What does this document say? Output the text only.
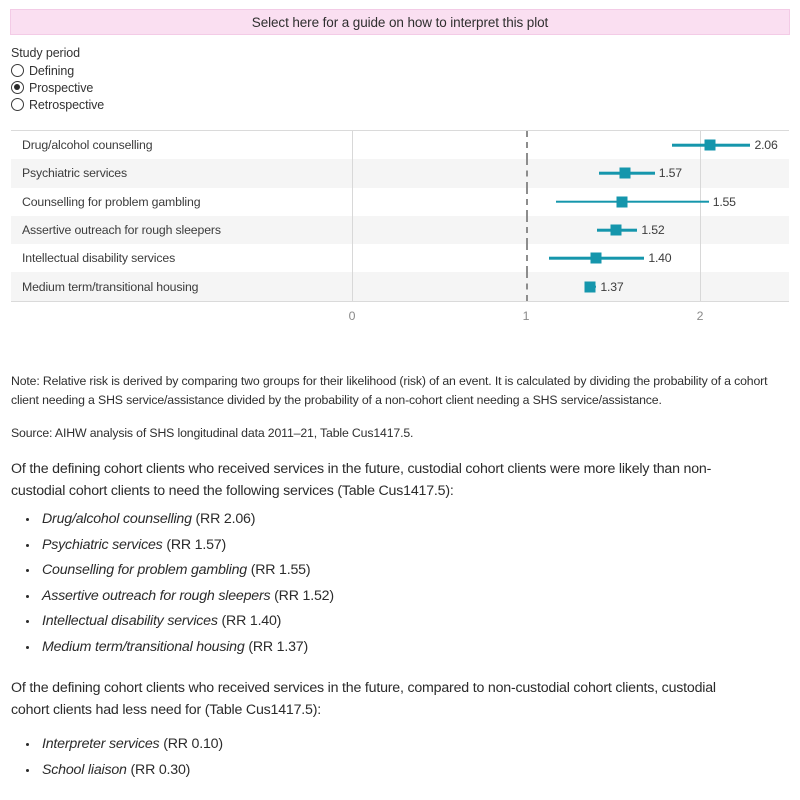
Select here for a guide on how to interpret this plot
Study period
Defining
Prospective
Retrospective
Drug/alcohol counselling	2.06
Psychiatric services	1.57
Counselling for problem gambling	1.55
Assertive outreach for rough sleepers	1.52
Intellectual disability services	1.40
Medium term/transitional housing	1.37
0	1	2
Note: Relative risk is derived by comparing two groups for their likelihood (risk) of an event. It is calculated by dividing the probability of a cohort client needing a SHS service/assistance divided by the probability of a non-cohort client needing a SHS service/assistance.
Source: AIHW analysis of SHS longitudinal data 2011–21, Table Cus1417.5.

Of the defining cohort clients who received services in the future, custodial cohort clients were more likely than non-custodial cohort clients to need the following services (Table Cus1417.5):

Drug/alcohol counselling (RR 2.06)
Psychiatric services (RR 1.57)
Counselling for problem gambling (RR 1.55)
Assertive outreach for rough sleepers (RR 1.52)
Intellectual disability services (RR 1.40)
Medium term/transitional housing (RR 1.37)

Of the defining cohort clients who received services in the future, compared to non-custodial cohort clients, custodial cohort clients had less need for (Table Cus1417.5):

Interpreter services (RR 0.10)
School liaison (RR 0.30)
